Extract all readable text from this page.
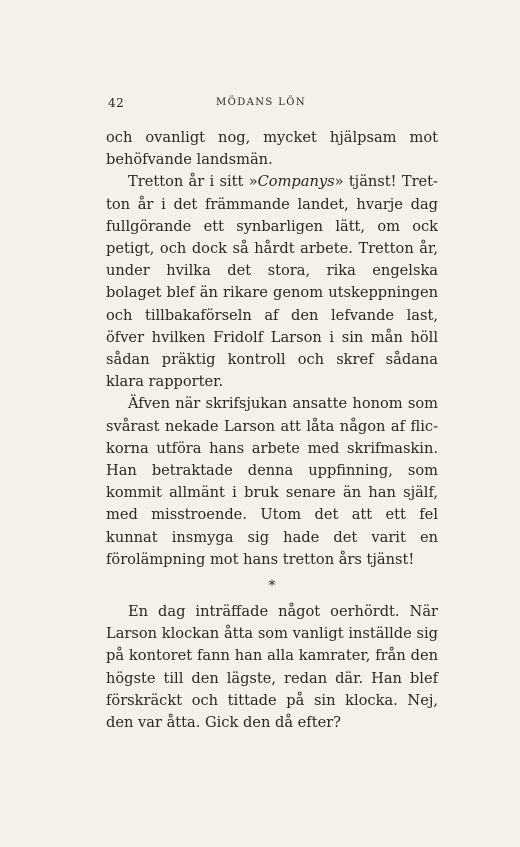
42	MÖDANS LÖN

och ovanligt nog, mycket hjälpsam mot behöfvande landsmän.

Tretton år i sitt »Companys» tjänst! Tretton år i det främmande landet, hvarje dag fullgörande ett synbarligen lätt, om ock petigt, och dock så hårdt arbete. Tretton år, under hvilka det stora, rika engelska bolaget blef än rikare genom utskeppningen och tillbakaförseln af den lefvande last, öfver hvilken Fridolf Larson i sin mån höll sådan präktig kontroll och skref sådana klara rapporter.

Äfven när skrifsjukan ansatte honom som svårast nekade Larson att låta någon af flickorna utföra hans arbete med skrifmaskin. Han betraktade denna uppfinning, som kommit allmänt i bruk senare än han själf, med misstroende. Utom det att ett fel kunnat insmyga sig hade det varit en förolämpning mot hans tretton års tjänst!

*

En dag inträffade något oerhördt. När Larson klockan åtta som vanligt inställde sig på kontoret fann han alla kamrater, från den högste till den lägste, redan där. Han blef förskräckt och tittade på sin klocka. Nej, den var åtta. Gick den då efter?
